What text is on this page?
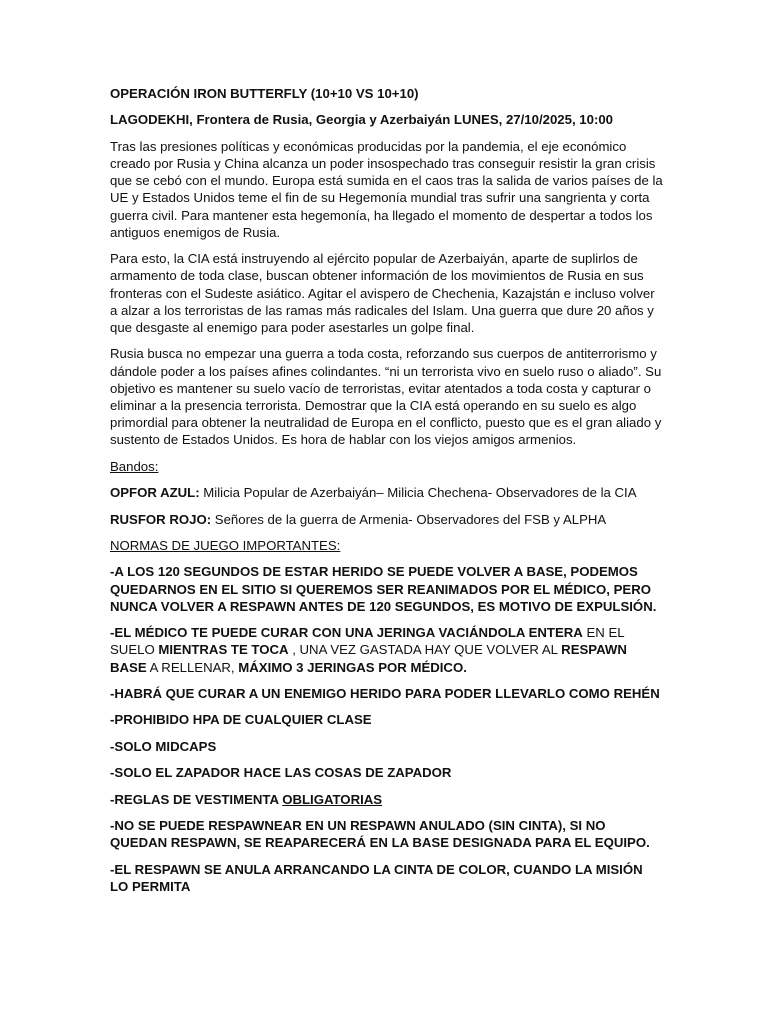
OPERACIÓN IRON BUTTERFLY (10+10 VS 10+10)

LAGODEKHI, Frontera de Rusia, Georgia y Azerbaiyán LUNES, 27/10/2025, 10:00

Tras las presiones políticas y económicas producidas por la pandemia, el eje económico creado por Rusia y China alcanza un poder insospechado tras conseguir resistir la gran crisis que se cebó con el mundo. Europa está sumida en el caos tras la salida de varios países de la UE y Estados Unidos teme el fin de su Hegemonía mundial tras sufrir una sangrienta y corta guerra civil. Para mantener esta hegemonía, ha llegado el momento de despertar a todos los antiguos enemigos de Rusia.

Para esto, la CIA está instruyendo al ejército popular de Azerbaiyán, aparte de suplirlos de armamento de toda clase, buscan obtener información de los movimientos de Rusia en sus fronteras con el Sudeste asiático. Agitar el avispero de Chechenia, Kazajstán e incluso volver a alzar a los terroristas de las ramas más radicales del Islam. Una guerra que dure 20 años y que desgaste al enemigo para poder asestarles un golpe final.

Rusia busca no empezar una guerra a toda costa, reforzando sus cuerpos de antiterrorismo y dándole poder a los países afines colindantes. “ni un terrorista vivo en suelo ruso o aliado”. Su objetivo es mantener su suelo vacío de terroristas, evitar atentados a toda costa y capturar o eliminar a la presencia terrorista. Demostrar que la CIA está operando en su suelo es algo primordial para obtener la neutralidad de Europa en el conflicto, puesto que es el gran aliado y sustento de Estados Unidos. Es hora de hablar con los viejos amigos armenios.

Bandos:

OPFOR AZUL: Milicia Popular de Azerbaiyán– Milicia Chechena- Observadores de la CIA

RUSFOR ROJO: Señores de la guerra de Armenia- Observadores del FSB y ALPHA

NORMAS DE JUEGO IMPORTANTES:

-A LOS 120 SEGUNDOS DE ESTAR HERIDO SE PUEDE VOLVER A BASE, PODEMOS QUEDARNOS EN EL SITIO SI QUEREMOS SER REANIMADOS POR EL MÉDICO, PERO NUNCA VOLVER A RESPAWN ANTES DE 120 SEGUNDOS, ES MOTIVO DE EXPULSIÓN.

-EL MÉDICO TE PUEDE CURAR CON UNA JERINGA VACIÁNDOLA ENTERA EN EL SUELO MIENTRAS TE TOCA , UNA VEZ GASTADA HAY QUE VOLVER AL RESPAWN BASE A RELLENAR, MÁXIMO 3 JERINGAS POR MÉDICO.

-HABRÁ QUE CURAR A UN ENEMIGO HERIDO PARA PODER LLEVARLO COMO REHÉN

-PROHIBIDO HPA DE CUALQUIER CLASE

-SOLO MIDCAPS

-SOLO EL ZAPADOR HACE LAS COSAS DE ZAPADOR

-REGLAS DE VESTIMENTA OBLIGATORIAS

-NO SE PUEDE RESPAWNEAR EN UN RESPAWN ANULADO (SIN CINTA), SI NO QUEDAN RESPAWN, SE REAPARECERÁ EN LA BASE DESIGNADA PARA EL EQUIPO.

-EL RESPAWN SE ANULA ARRANCANDO LA CINTA DE COLOR, CUANDO LA MISIÓN LO PERMITA
